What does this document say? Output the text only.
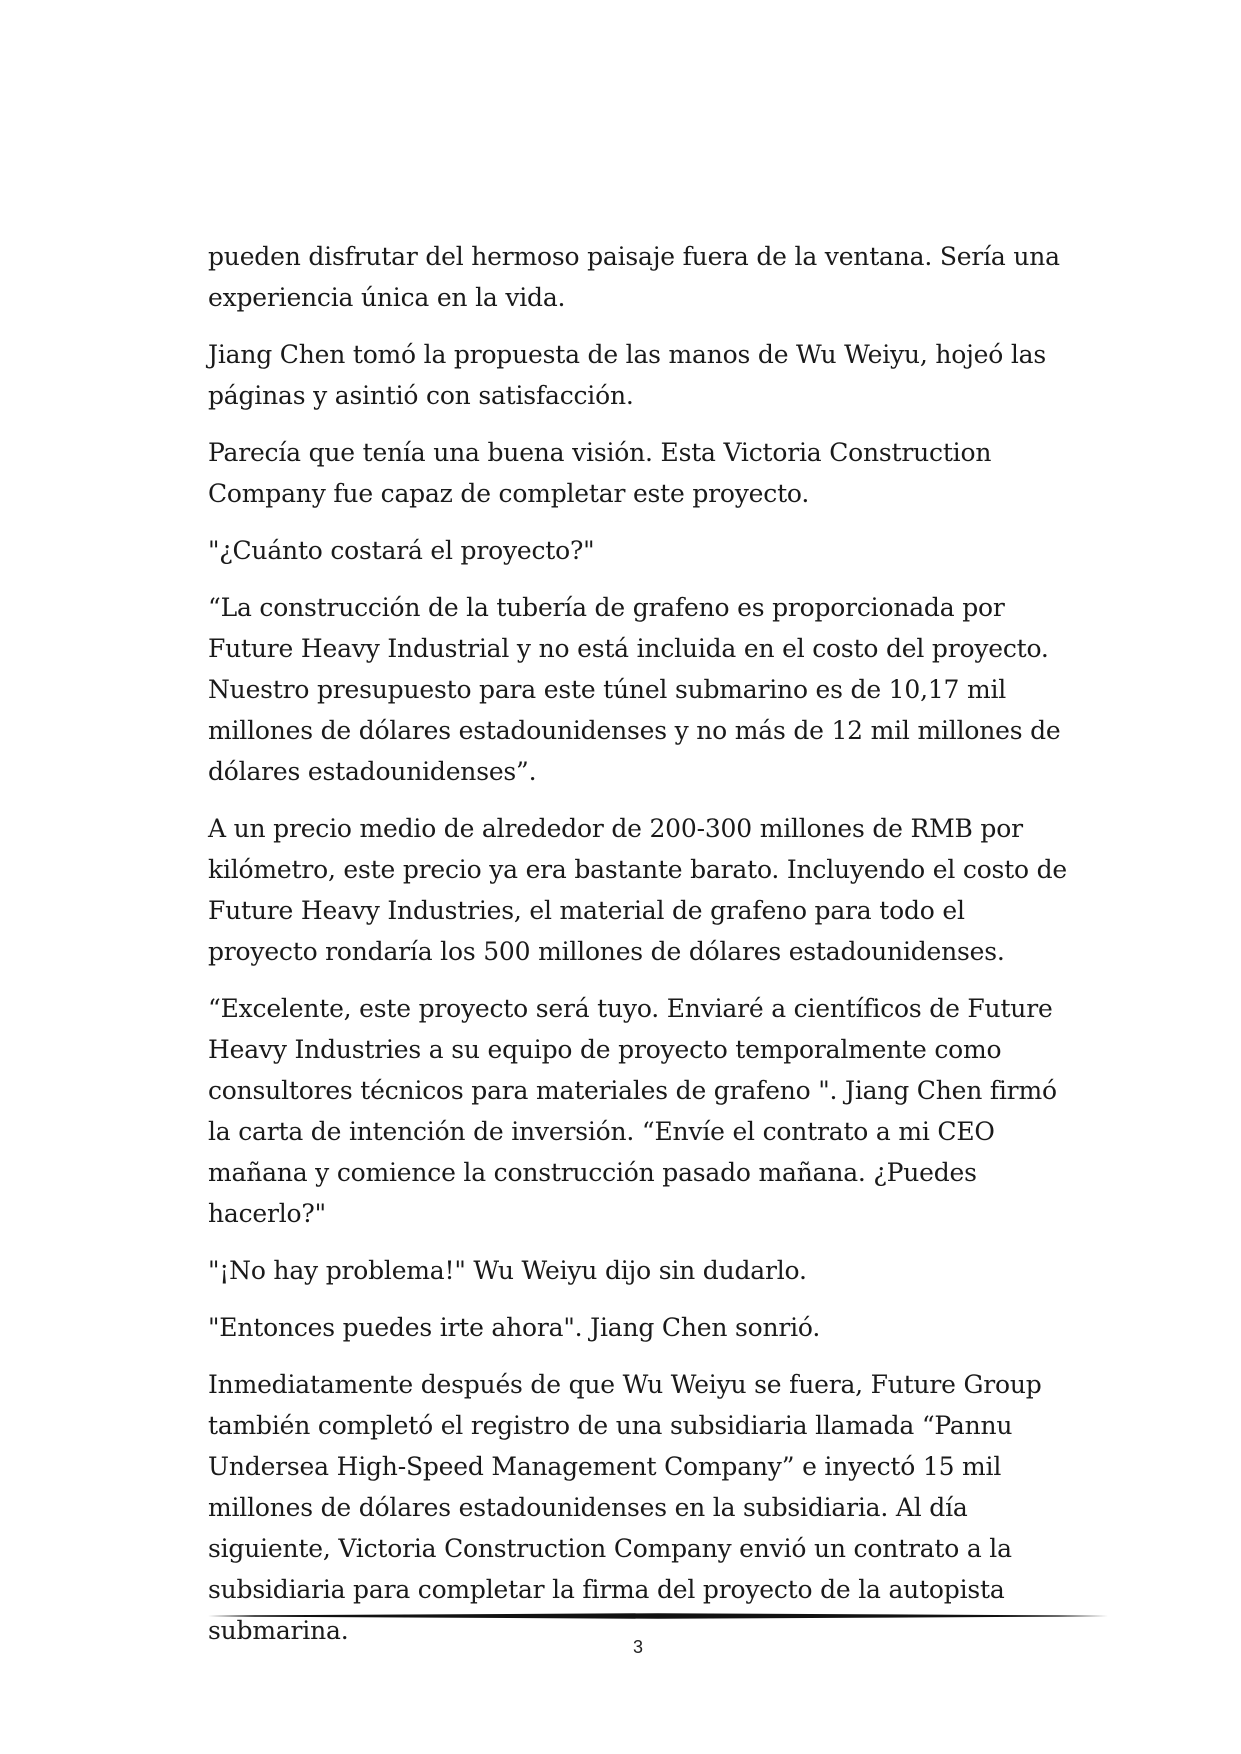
pueden disfrutar del hermoso paisaje fuera de la ventana. Sería una experiencia única en la vida.

Jiang Chen tomó la propuesta de las manos de Wu Weiyu, hojeó las páginas y asintió con satisfacción.

Parecía que tenía una buena visión. Esta Victoria Construction Company fue capaz de completar este proyecto.

"¿Cuánto costará el proyecto?"

“La construcción de la tubería de grafeno es proporcionada por Future Heavy Industrial y no está incluida en el costo del proyecto. Nuestro presupuesto para este túnel submarino es de 10,17 mil millones de dólares estadounidenses y no más de 12 mil millones de dólares estadounidenses”.

A un precio medio de alrededor de 200-300 millones de RMB por kilómetro, este precio ya era bastante barato. Incluyendo el costo de Future Heavy Industries, el material de grafeno para todo el proyecto rondaría los 500 millones de dólares estadounidenses.

“Excelente, este proyecto será tuyo. Enviaré a científicos de Future Heavy Industries a su equipo de proyecto temporalmente como consultores técnicos para materiales de grafeno ". Jiang Chen firmó la carta de intención de inversión. “Envíe el contrato a mi CEO mañana y comience la construcción pasado mañana. ¿Puedes hacerlo?"

"¡No hay problema!" Wu Weiyu dijo sin dudarlo.

"Entonces puedes irte ahora". Jiang Chen sonrió.

Inmediatamente después de que Wu Weiyu se fuera, Future Group también completó el registro de una subsidiaria llamada “Pannu Undersea High-Speed Management Company” e inyectó 15 mil millones de dólares estadounidenses en la subsidiaria. Al día siguiente, Victoria Construction Company envió un contrato a la subsidiaria para completar la firma del proyecto de la autopista submarina.

3
